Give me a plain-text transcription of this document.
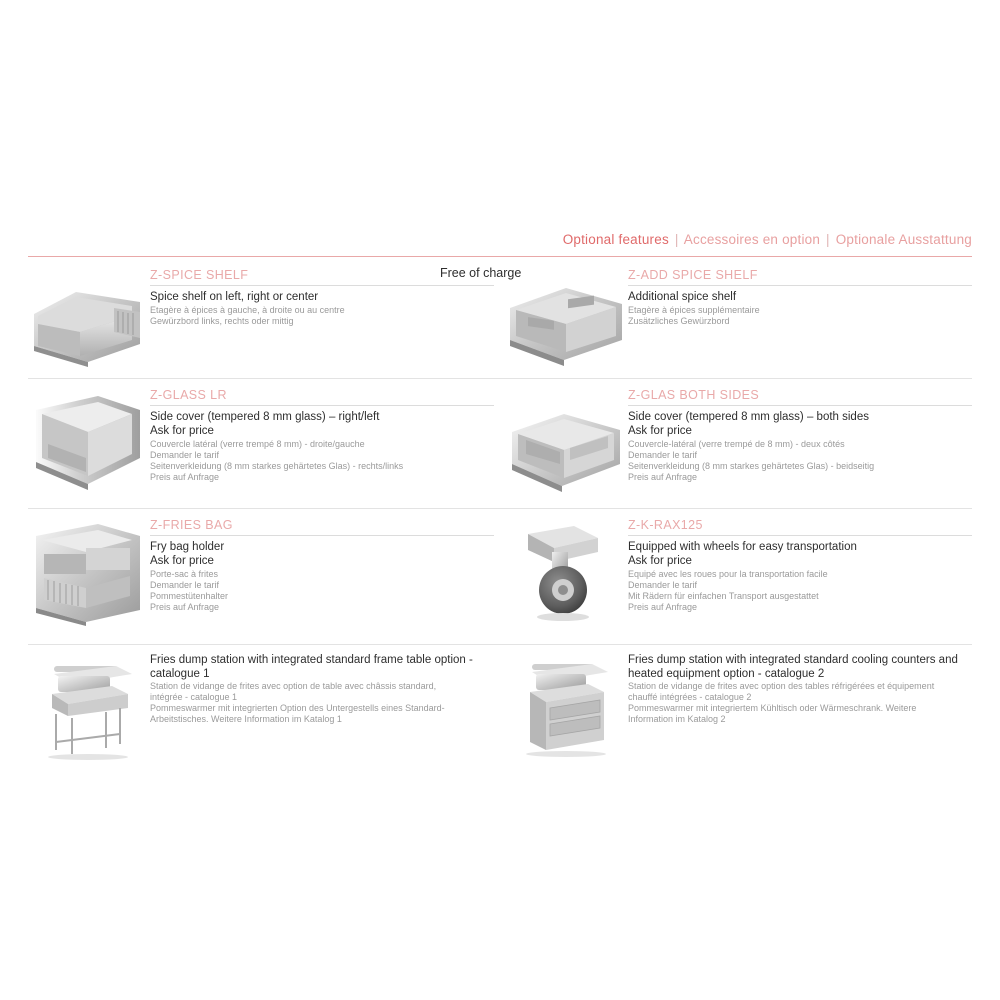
Optional features | Accessoires en option | Optionale Ausstattung
Z-SPICE SHELF
Spice shelf on left, right or center
Etagère à épices à gauche, à droite ou au centre
Gewürzbord links, rechts oder mittig
Free of charge	Z-ADD SPICE SHELF
Additional spice shelf
Etagère à épices supplémentaire
Zusätzliches Gewürzbord
Z-GLASS LR
Side cover (tempered 8 mm glass) – right/left
Ask for price
Couvercle latéral (verre trempé 8 mm) - droite/gauche
Demander le tarif
Seitenverkleidung (8 mm starkes gehärtetes Glas) - rechts/links
Preis auf Anfrage
Z-GLAS BOTH SIDES
Side cover (tempered 8 mm glass) – both sides
Ask for price
Couvercle-latéral (verre trempé de 8 mm) - deux côtés
Demander le tarif
Seitenverkleidung (8 mm starkes gehärtetes Glas) - beidseitig
Preis auf Anfrage
Z-FRIES BAG
Fry bag holder
Ask for price
Porte-sac à frites
Demander le tarif
Pommestütenhalter
Preis auf Anfrage
Z-K-RAX125
Equipped with wheels for easy transportation
Ask for price
Equipé avec les roues pour la transportation facile
Demander le tarif
Mit Rädern für einfachen Transport ausgestattet
Preis auf Anfrage
Fries dump station with integrated standard frame table option -
catalogue 1
Station de vidange de frites avec option de table avec châssis standard,
intégrée - catalogue 1
Pommeswarmer mit integrierten Option des Untergestells eines Standard-
Arbeitstisches. Weitere Information im Katalog 1
Fries dump station with integrated standard cooling counters and
heated equipment option - catalogue 2
Station de vidange de frites avec option des tables réfrigérées et équipement
chauffé intégrées - catalogue 2
Pommeswarmer mit integriertem Kühltisch oder Wärmeschrank. Weitere
Information im Katalog 2
